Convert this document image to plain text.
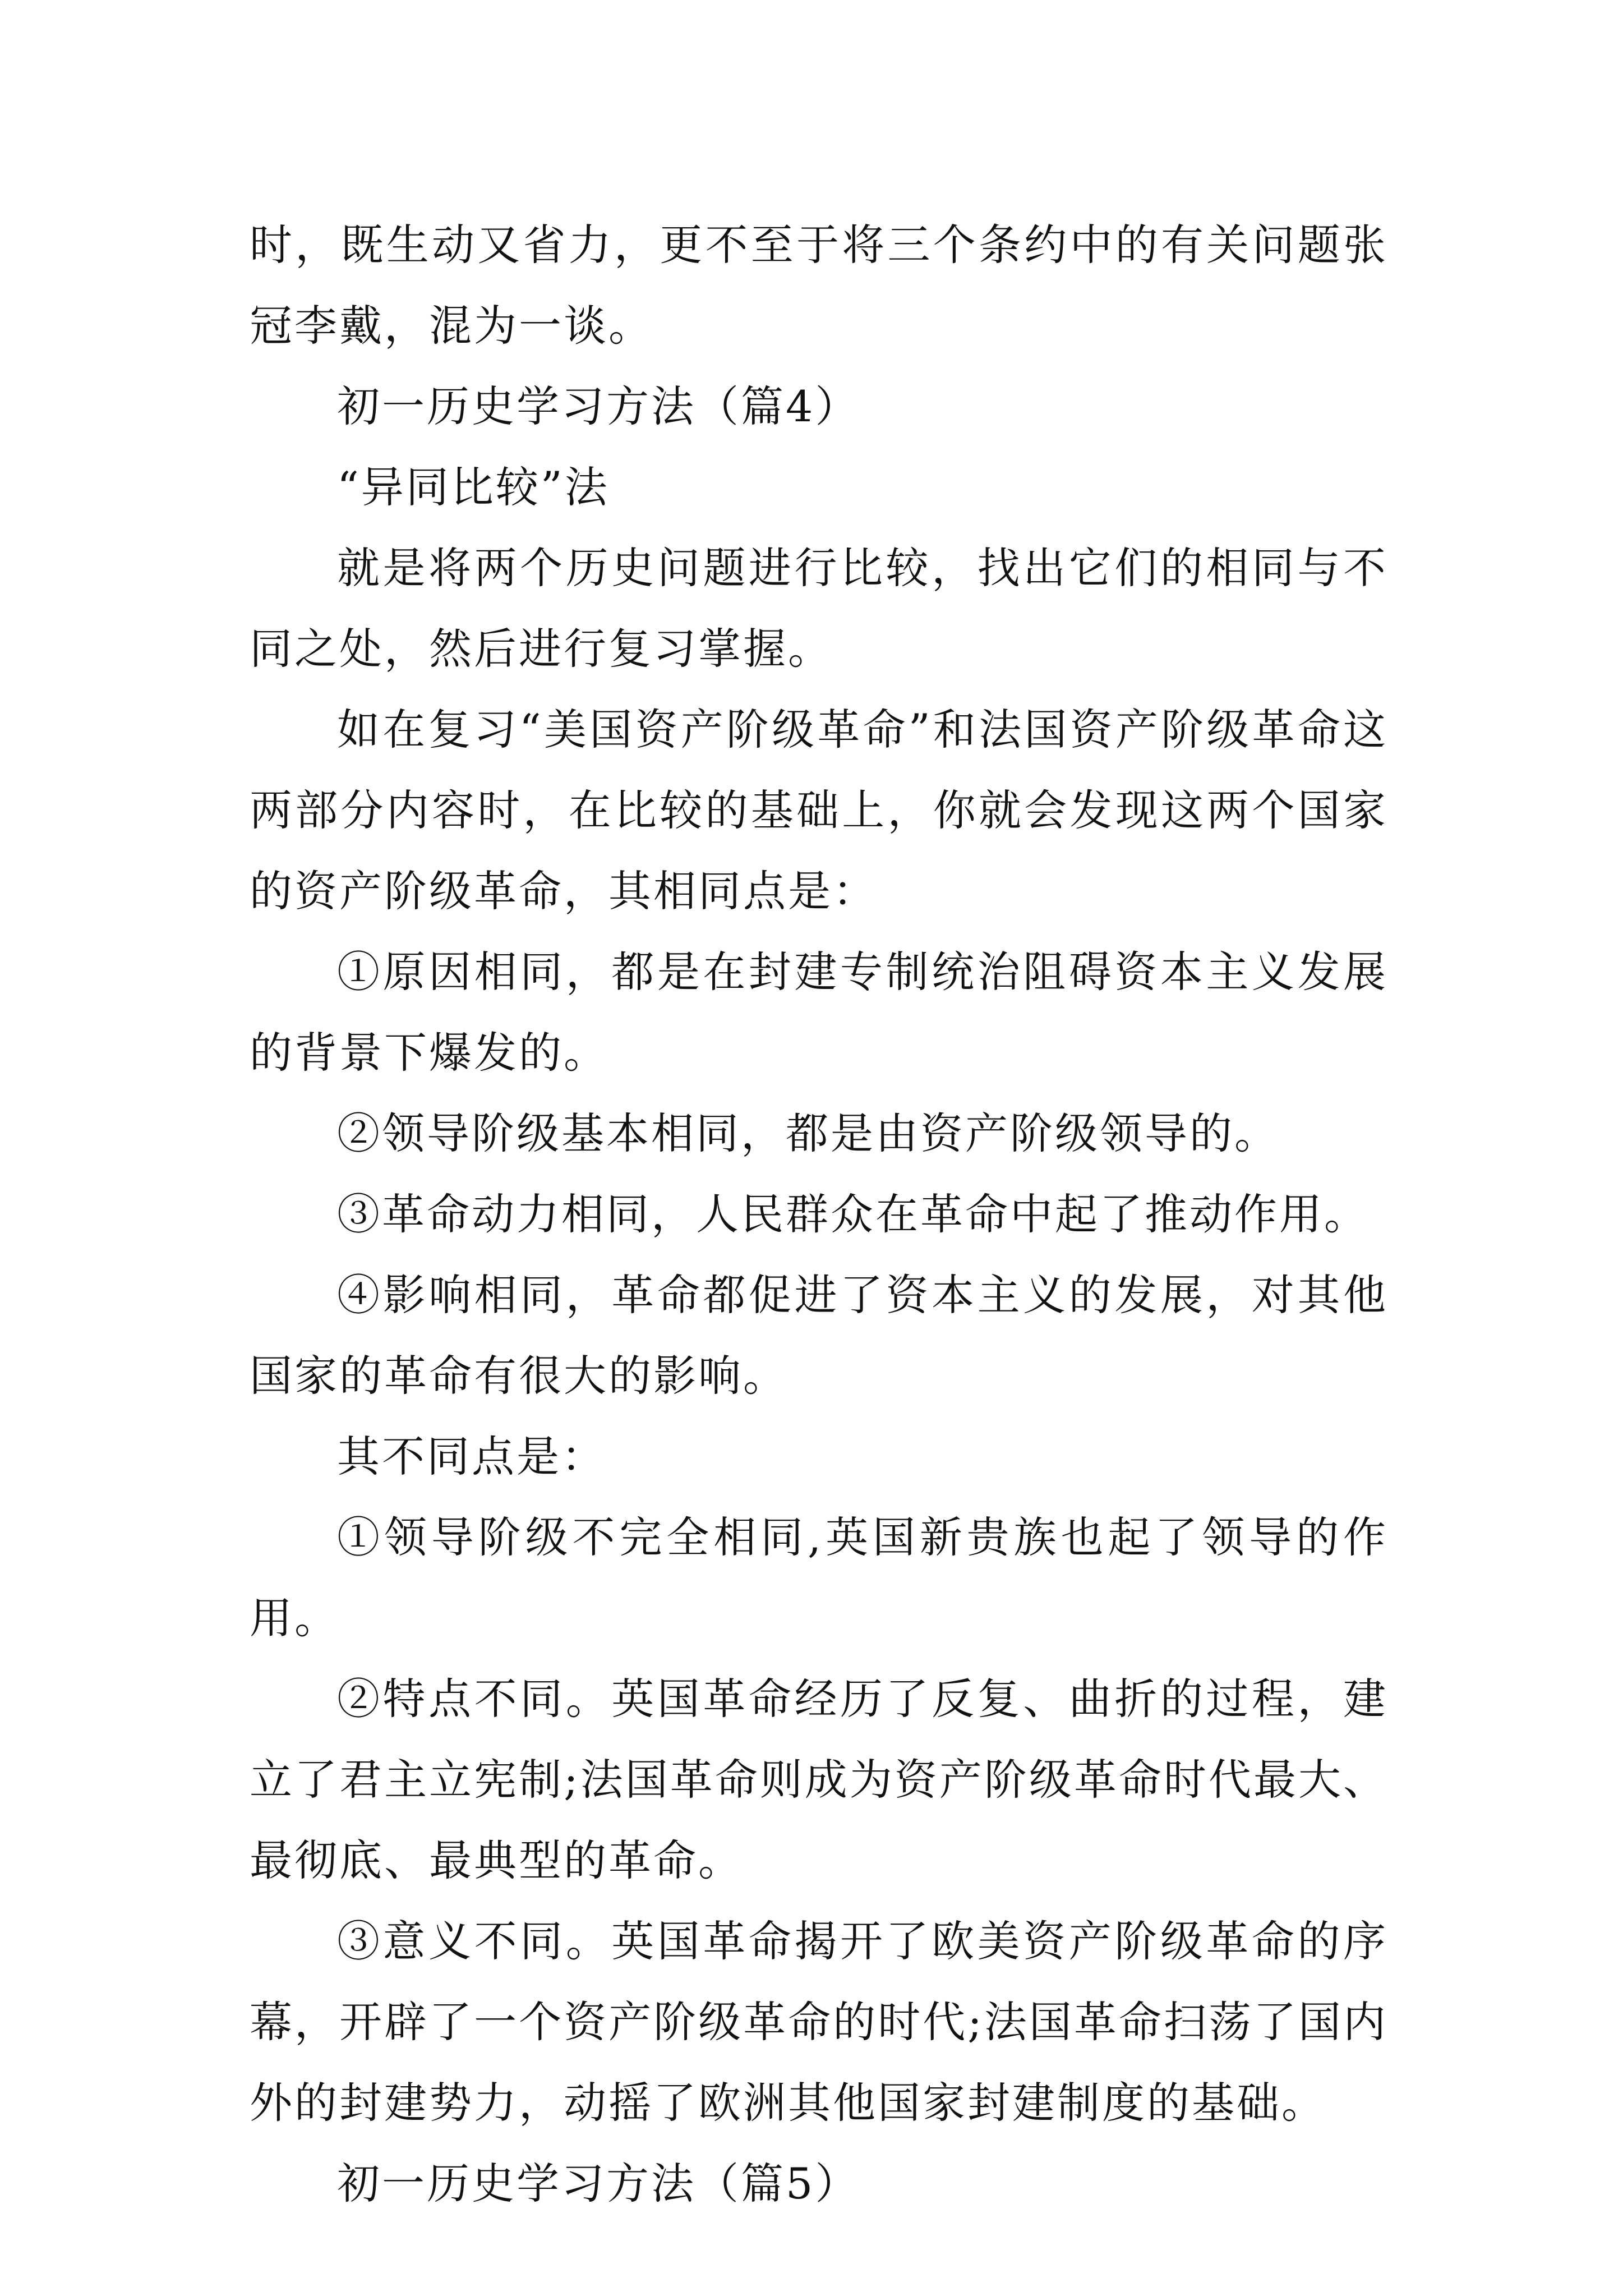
时，既生动又省力，更不至于将三个条约中的有关问题张冠李戴，混为一谈。

初一历史学习方法（篇4）

“异同比较”法

就是将两个历史问题进行比较，找出它们的相同与不同之处，然后进行复习掌握。

如在复习“美国资产阶级革命”和法国资产阶级革命这两部分内容时，在比较的基础上，你就会发现这两个国家的资产阶级革命，其相同点是：

①原因相同，都是在封建专制统治阻碍资本主义发展的背景下爆发的。

②领导阶级基本相同，都是由资产阶级领导的。

③革命动力相同，人民群众在革命中起了推动作用。

④影响相同，革命都促进了资本主义的发展，对其他国家的革命有很大的影响。

其不同点是：

①领导阶级不完全相同,英国新贵族也起了领导的作用。

②特点不同。英国革命经历了反复、曲折的过程，建立了君主立宪制;法国革命则成为资产阶级革命时代最大、最彻底、最典型的革命。

③意义不同。英国革命揭开了欧美资产阶级革命的序幕，开辟了一个资产阶级革命的时代;法国革命扫荡了国内外的封建势力，动摇了欧洲其他国家封建制度的基础。

初一历史学习方法（篇5）
